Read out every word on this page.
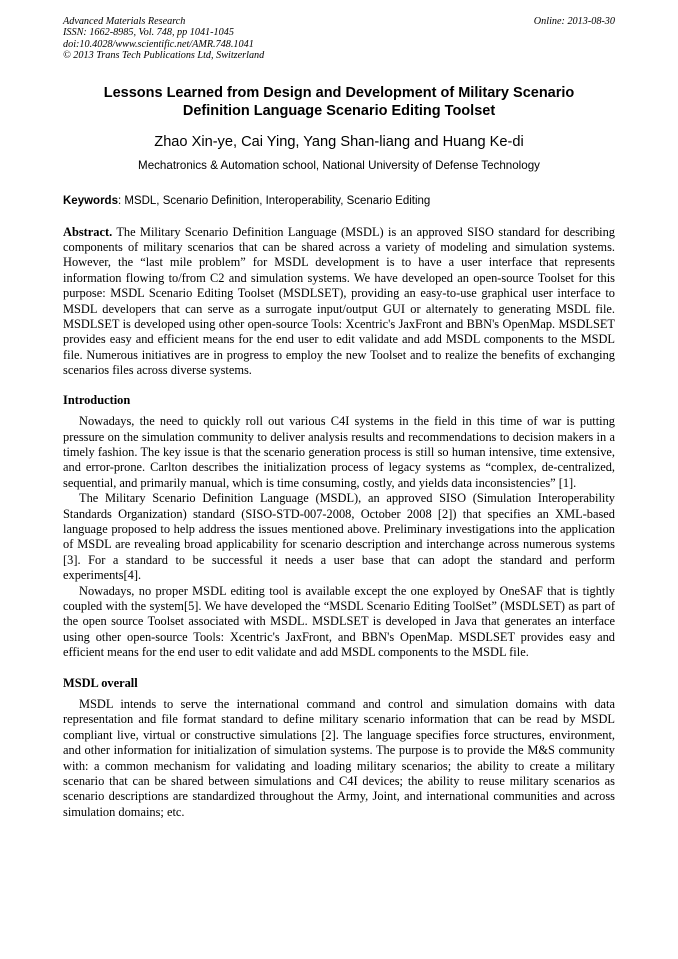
Advanced Materials Research
ISSN: 1662-8985, Vol. 748, pp 1041-1045
doi:10.4028/www.scientific.net/AMR.748.1041
© 2013 Trans Tech Publications Ltd, Switzerland
Online: 2013-08-30
Lessons Learned from Design and Development of Military Scenario
Definition Language Scenario Editing Toolset
Zhao Xin-ye, Cai Ying, Yang Shan-liang and Huang Ke-di
Mechatronics & Automation school, National University of Defense Technology
Keywords: MSDL, Scenario Definition, Interoperability, Scenario Editing

Abstract. The Military Scenario Definition Language (MSDL) is an approved SISO standard for describing components of military scenarios that can be shared across a variety of modeling and simulation systems. However, the “last mile problem” for MSDL development is to have a user interface that represents information flowing to/from C2 and simulation systems. We have developed an open-source Toolset for this purpose: MSDL Scenario Editing Toolset (MSDLSET), providing an easy-to-use graphical user interface to MSDL developers that can serve as a surrogate input/output GUI or alternately to generating MSDL file. MSDLSET is developed using other open-source Tools: Xcentric's JaxFront and BBN's OpenMap. MSDLSET provides easy and efficient means for the end user to edit validate and add MSDL components to the MSDL file. Numerous initiatives are in progress to employ the new Toolset and to realize the benefits of exchanging scenarios files across diverse systems.

Introduction

Nowadays, the need to quickly roll out various C4I systems in the field in this time of war is putting pressure on the simulation community to deliver analysis results and recommendations to decision makers in a timely fashion. The key issue is that the scenario generation process is still so human intensive, time extensive, and error-prone. Carlton describes the initialization process of legacy systems as “complex, de-centralized, sequential, and primarily manual, which is time consuming, costly, and yields data inconsistencies” [1].

The Military Scenario Definition Language (MSDL), an approved SISO (Simulation Interoperability Standards Organization) standard (SISO-STD-007-2008, October 2008 [2]) that specifies an XML-based language proposed to help address the issues mentioned above. Preliminary investigations into the application of MSDL are revealing broad applicability for scenario description and interchange across numerous systems [3]. For a standard to be successful it needs a user base that can adopt the standard and perform experiments[4].

Nowadays, no proper MSDL editing tool is available except the one exployed by OneSAF that is tightly coupled with the system[5]. We have developed the “MSDL Scenario Editing ToolSet” (MSDLSET) as part of the open source Toolset associated with MSDL. MSDLSET is developed in Java that generates an interface using other open-source Tools: Xcentric's JaxFront, and BBN's OpenMap. MSDLSET provides easy and efficient means for the end user to edit validate and add MSDL components to the MSDL file.

MSDL overall

MSDL intends to serve the international command and control and simulation domains with data representation and file format standard to define military scenario information that can be read by MSDL compliant live, virtual or constructive simulations [2]. The language specifies force structures, environment, and other information for initialization of simulation systems. The purpose is to provide the M&S community with: a common mechanism for validating and loading military scenarios; the ability to create a military scenario that can be shared between simulations and C4I devices; the ability to reuse military scenarios as scenario descriptions are standardized throughout the Army, Joint, and international communities and across simulation domains; etc.
